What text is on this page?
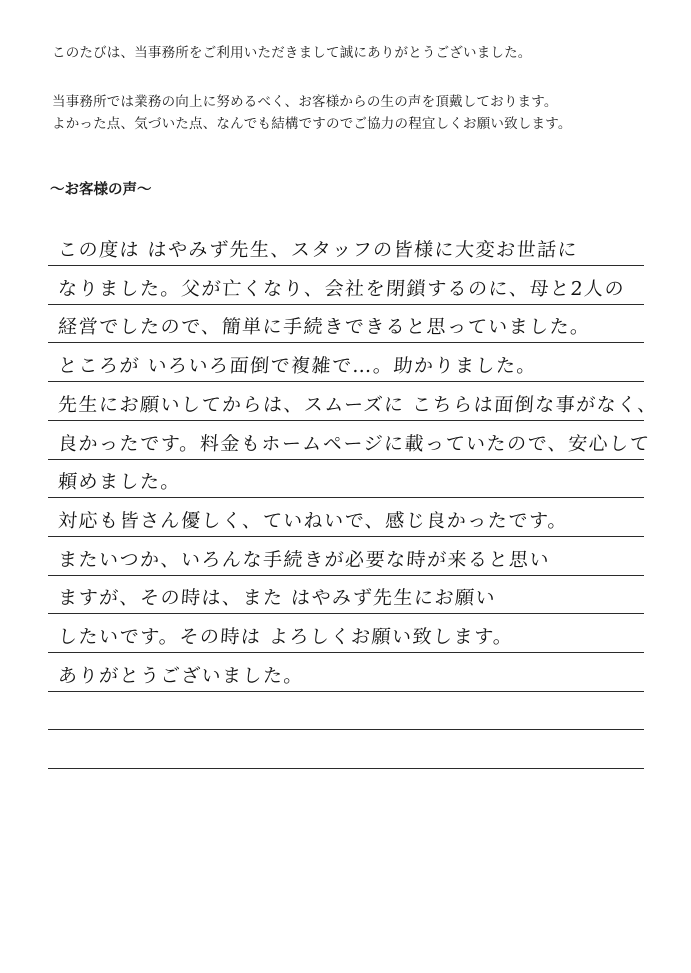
このたびは、当事務所をご利用いただきまして誠にありがとうございました。
当事務所では業務の向上に努めるべく、お客様からの生の声を頂戴しております。
よかった点、気づいた点、なんでも結構ですのでご協力の程宜しくお願い致します。
～お客様の声～
この度は はやみず先生、スタッフの皆様に大変お世話に
なりました。父が亡くなり、会社を閉鎖するのに、母と2人の
経営でしたので、簡単に手続きできると思っていました。
ところが いろいろ面倒で複雑で…。助かりました。
先生にお願いしてからは、スムーズに こちらは面倒な事がなく、
良かったです。料金もホームページに載っていたので、安心して
頼めました。
対応も皆さん優しく、ていねいで、感じ良かったです。
またいつか、いろんな手続きが必要な時が来ると思い
ますが、その時は、また はやみず先生にお願い
したいです。その時は よろしくお願い致します。
ありがとうございました。
